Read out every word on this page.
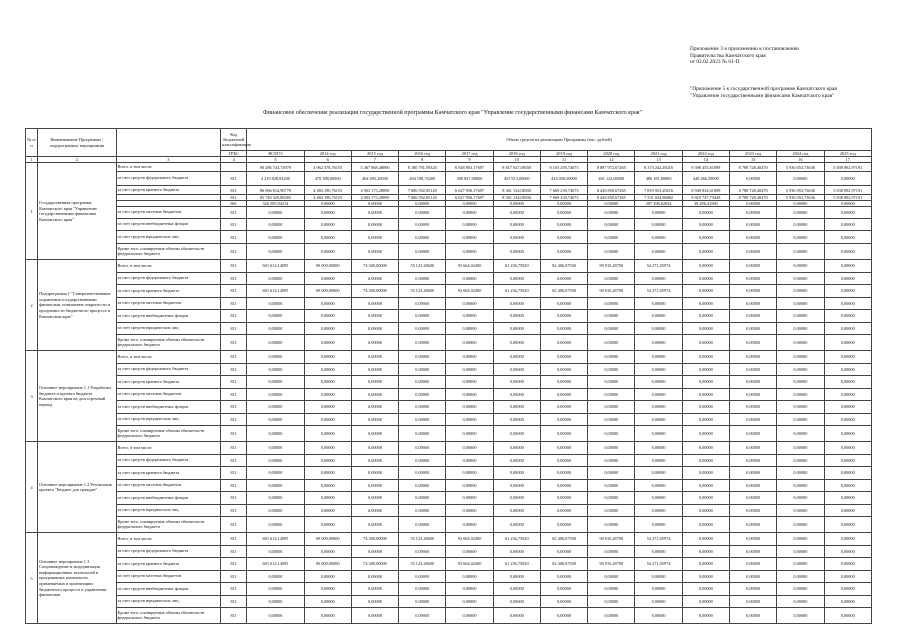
Приложение 3 к приложению к постановлению
Правительства Камчатского края
от 02.02.2023 № 61-П
"Приложение 5 к государственной программе Камчатского края
"Управление государственными финансами Камчатского края"
Финансовое обеспечение реализации государственной программы Камчатского края "Управление государственными финансами Камчатского края"
№ п/п	Наименование Программы /подпрограммы/ мероприятия		Код бюджетной классификации	Объем средств на реализацию Программы (тыс. рублей)												
			ГРБС	ВСЕГО	2014 год	2015 год	2016 год	2017 год	2018 год	2019 год	2020 год	2021 год	2022 год	2023 год	2024 год	2025 год
1	2	3	4	5	6	7	8	9	10	11	12	13	14	15	16	17
1	Государственная программа Камчатского края "Управление государственными финансами Камчатского края"	Всего, в том числе:		90 286 743,74979	4 962 578,76155	5 367 868,48890	8 180 791,59320	6 928 803,17697	8 817 047,08350	8 103 295,74673	8 887 972,67265	8 373 242,49216	9 398 455,61098	8 788 728,40470	5 930 053,73636	5 838 892,97191
		за счет средств федерального бюджета	811	4 219 828,84200	478 388,00000	464 695,20000	494 198,74200	300 847,00000	455 913,00000	434 056,00000	461 122,00000	486 181,00000	448 466,50000	0,00000	0,00000	0,00000
		за счет средств краевого бюджета	811	86 066 914,90779	4 484 190,76155	4 903 173,28890	7 686 592,85120	6 627 956,17697	8 361 134,08350	7 669 239,74673	8 426 850,67265	7 819 953,49216	8 949 834,61098	8 788 728,40470	5 930 053,73636	5 838 892,97191
			811	85 740 329,86565	4 484 190,76155	4 903 173,28890	7 686 592,85120	6 627 956,17697	8 361 134,08350	7 669 239,74673	8 426 850,67265	7 531 654,86882	8 910 747,73428	8 788 728,40470	5 930 053,73636	5 838 892,97191
			861	326 585,04214	0,00000	0,00000	0,00000	0,00000	0,00000	0,00000	0,00000	287 298,62634	39 286,41580	0,00000	0,00000	0,00000
		за счет средств местных бюджетов	811	0,00000	0,00000	0,00000	0,00000	0,00000	0,00000	0,00000	0,00000	0,00000	0,00000	0,00000	0,00000	0,00000
		за счет средств внебюджетных фондов	811	0,00000	0,00000	0,00000	0,00000	0,00000	0,00000	0,00000	0,00000	0,00000	0,00000	0,00000	0,00000	0,00000
		за счет средств юридических лиц	811	0,00000	0,00000	0,00000	0,00000	0,00000	0,00000	0,00000	0,00000	0,00000	0,00000	0,00000	0,00000	0,00000
		Кроме того, планируемые объемы обязательств федерального бюджета	811	0,00000	0,00000	0,00000	0,00000	0,00000	0,00000	0,00000	0,00000	0,00000	0,00000	0,00000	0,00000	0,00000
2	Подпрограмма 1 "Совершенствование управления государственными финансами, повышение открытости и прозрачности бюджетного процесса в Камчатском крае"	Всего, в том числе:	811	601 612,14095	90 000,00000	74 300,00000	55 123,28600	93 664,02400	61 236,75920	82 406,07500	90 910,28700	54 271,05974	0,00000	0,00000	0,00000	0,00000
		за счет средств федерального бюджета	811	0,00000	0,00000	0,00000	0,00000	0,00000	0,00000	0,00000	0,00000	0,00000	0,00000	0,00000	0,00000	0,00000
		за счет средств краевого бюджета	811	601 612,14095	90 000,00000	74 300,00000	55 123,28600	93 664,02400	61 236,75920	82 406,07500	90 910,28700	54 271,05974	0,00000	0,00000	0,00000	0,00000
		за счет средств местных бюджетов	811	0,00000	0,00000	0,00000	0,00000	0,00000	0,00000	0,00000	0,00000	0,00000	0,00000	0,00000	0,00000	0,00000
		за счет средств внебюджетных фондов	811	0,00000	0,00000	0,00000	0,00000	0,00000	0,00000	0,00000	0,00000	0,00000	0,00000	0,00000	0,00000	0,00000
		за счет средств юридических лиц	811	0,00000	0,00000	0,00000	0,00000	0,00000	0,00000	0,00000	0,00000	0,00000	0,00000	0,00000	0,00000	0,00000
		Кроме того, планируемые объемы обязательств федерального бюджета	811	0,00000	0,00000	0,00000	0,00000	0,00000	0,00000	0,00000	0,00000	0,00000	0,00000	0,00000	0,00000	0,00000
3	Основное мероприятие 1.1 Разработка бюджета и проекта бюджета Камчатского края на долгосрочный период	Всего, в том числе:	811	0,00000	0,00000	0,00000	0,00000	0,00000	0,00000	0,00000	0,00000	0,00000	0,00000	0,00000	0,00000	0,00000
		за счет средств федерального бюджета	811	0,00000	0,00000	0,00000	0,00000	0,00000	0,00000	0,00000	0,00000	0,00000	0,00000	0,00000	0,00000	0,00000
		за счет средств краевого бюджета	811	0,00000	0,00000	0,00000	0,00000	0,00000	0,00000	0,00000	0,00000	0,00000	0,00000	0,00000	0,00000	0,00000
		за счет средств местных бюджетов	811	0,00000	0,00000	0,00000	0,00000	0,00000	0,00000	0,00000	0,00000	0,00000	0,00000	0,00000	0,00000	0,00000
		за счет средств внебюджетных фондов	811	0,00000	0,00000	0,00000	0,00000	0,00000	0,00000	0,00000	0,00000	0,00000	0,00000	0,00000	0,00000	0,00000
		за счет средств юридических лиц	811	0,00000	0,00000	0,00000	0,00000	0,00000	0,00000	0,00000	0,00000	0,00000	0,00000	0,00000	0,00000	0,00000
		Кроме того, планируемые объемы обязательств федерального бюджета	811	0,00000	0,00000	0,00000	0,00000	0,00000	0,00000	0,00000	0,00000	0,00000	0,00000	0,00000	0,00000	0,00000
4	Основное мероприятие 1.2 Реализация проекта "Бюджет для граждан"	Всего, в том числе:	811	0,00000	0,00000	0,00000	0,00000	0,00000	0,00000	0,00000	0,00000	0,00000	0,00000	0,00000	0,00000	0,00000
		за счет средств федерального бюджета	811	0,00000	0,00000	0,00000	0,00000	0,00000	0,00000	0,00000	0,00000	0,00000	0,00000	0,00000	0,00000	0,00000
		за счет средств краевого бюджета	811	0,00000	0,00000	0,00000	0,00000	0,00000	0,00000	0,00000	0,00000	0,00000	0,00000	0,00000	0,00000	0,00000
		за счет средств местных бюджетов	811	0,00000	0,00000	0,00000	0,00000	0,00000	0,00000	0,00000	0,00000	0,00000	0,00000	0,00000	0,00000	0,00000
		за счет средств внебюджетных фондов	811	0,00000	0,00000	0,00000	0,00000	0,00000	0,00000	0,00000	0,00000	0,00000	0,00000	0,00000	0,00000	0,00000
		за счет средств юридических лиц	811	0,00000	0,00000	0,00000	0,00000	0,00000	0,00000	0,00000	0,00000	0,00000	0,00000	0,00000	0,00000	0,00000
		Кроме того, планируемые объемы обязательств федерального бюджета	811	0,00000	0,00000	0,00000	0,00000	0,00000	0,00000	0,00000	0,00000	0,00000	0,00000	0,00000	0,00000	0,00000
5	Основное мероприятие 1.3 Сопровождение и модернизация информационных технологий и программных комплексов, применяемых в организации бюджетного процесса и управлении финансами	Всего, в том числе:	811	601 612,14095	90 000,00000	74 300,00000	55 123,28600	93 664,02400	61 236,75920	82 406,07500	90 910,28700	54 271,05974	0,00000	0,00000	0,00000	0,00000
		за счет средств федерального бюджета	811	0,00000	0,00000	0,00000	0,00000	0,00000	0,00000	0,00000	0,00000	0,00000	0,00000	0,00000	0,00000	0,00000
		за счет средств краевого бюджета	811	601 612,14095	90 000,00000	74 300,00000	55 123,28600	93 664,02400	61 236,75920	82 406,07500	90 910,28700	54 271,05974	0,00000	0,00000	0,00000	0,00000
		за счет средств местных бюджетов	811	0,00000	0,00000	0,00000	0,00000	0,00000	0,00000	0,00000	0,00000	0,00000	0,00000	0,00000	0,00000	0,00000
		за счет средств внебюджетных фондов	811	0,00000	0,00000	0,00000	0,00000	0,00000	0,00000	0,00000	0,00000	0,00000	0,00000	0,00000	0,00000	0,00000
		за счет средств юридических лиц	811	0,00000	0,00000	0,00000	0,00000	0,00000	0,00000	0,00000	0,00000	0,00000	0,00000	0,00000	0,00000	0,00000
		Кроме того, планируемые объемы обязательств федерального бюджета	811	0,00000	0,00000	0,00000	0,00000	0,00000	0,00000	0,00000	0,00000	0,00000	0,00000	0,00000	0,00000	0,00000
